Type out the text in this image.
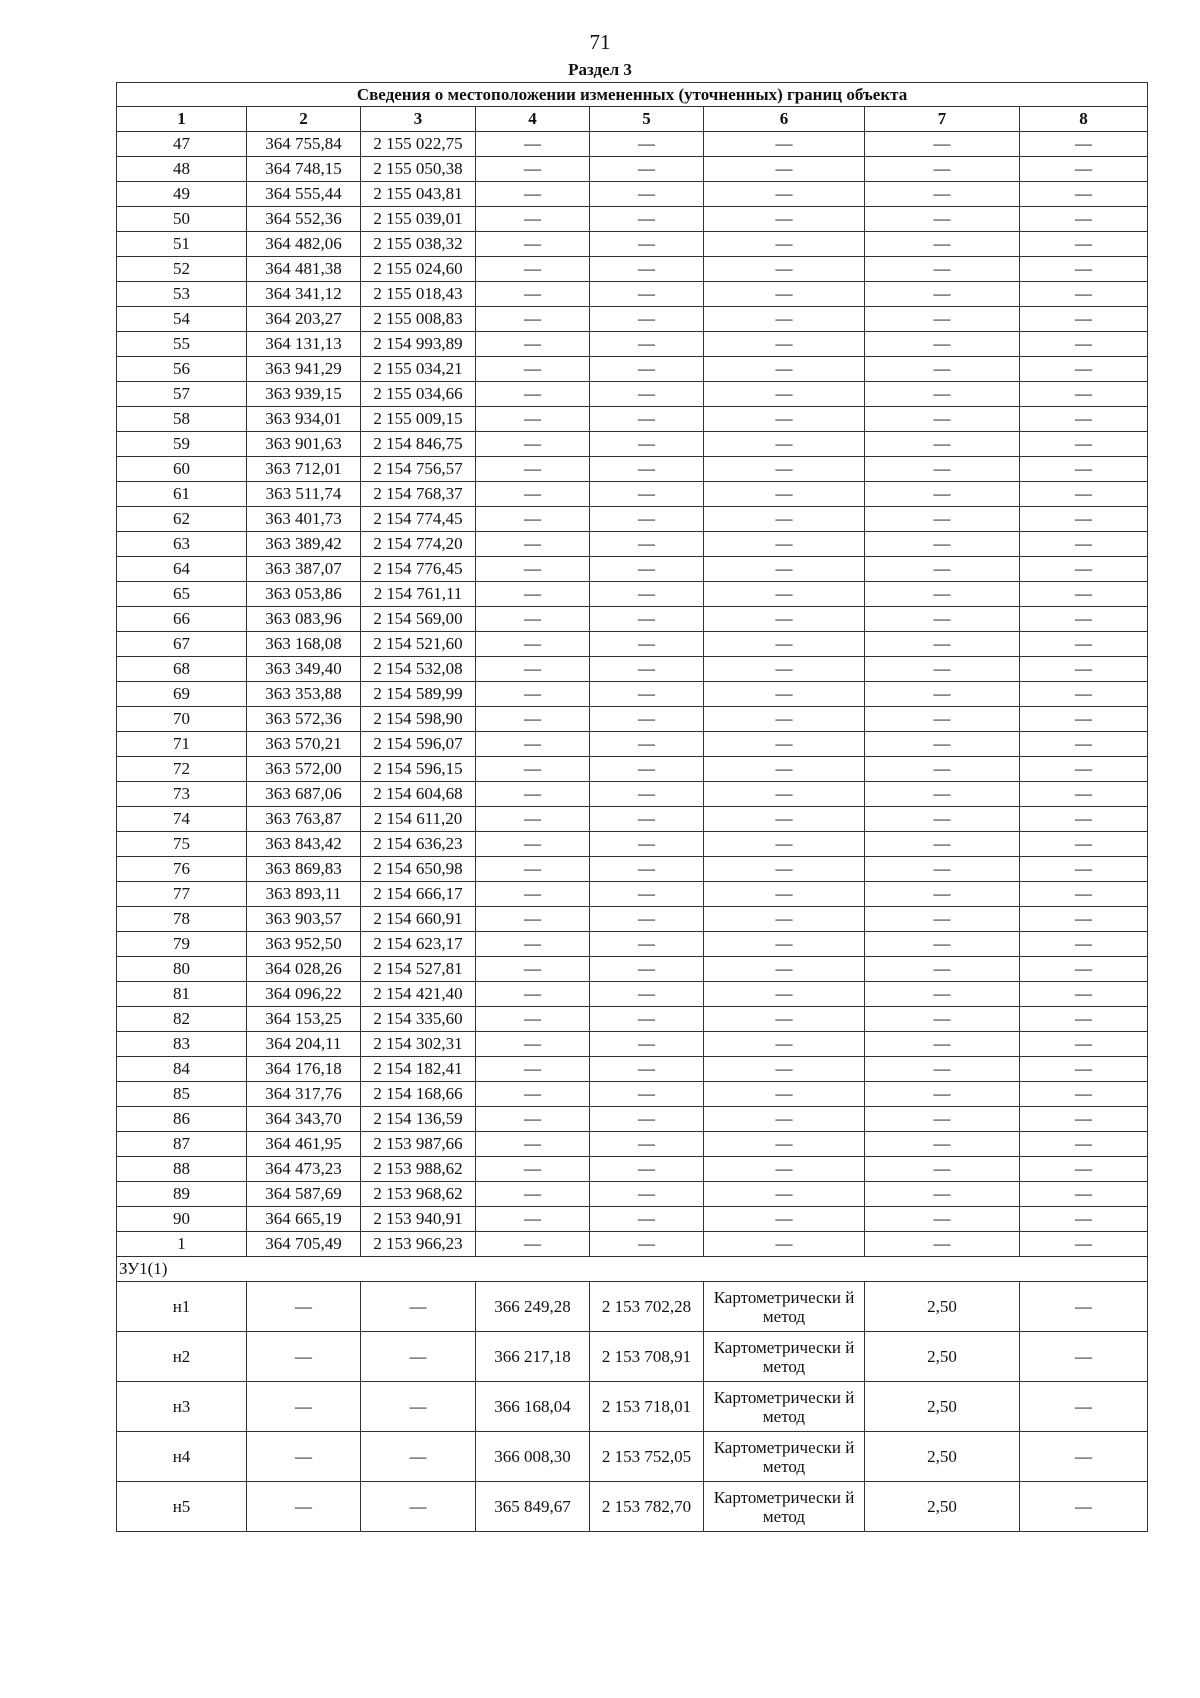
71
Раздел 3
Сведения о местоположении измененных (уточненных) границ объекта							
1	2	3	4	5	6	7	8
47	364 755,84	2 155 022,75	—	—	—	—	—
48	364 748,15	2 155 050,38	—	—	—	—	—
49	364 555,44	2 155 043,81	—	—	—	—	—
50	364 552,36	2 155 039,01	—	—	—	—	—
51	364 482,06	2 155 038,32	—	—	—	—	—
52	364 481,38	2 155 024,60	—	—	—	—	—
53	364 341,12	2 155 018,43	—	—	—	—	—
54	364 203,27	2 155 008,83	—	—	—	—	—
55	364 131,13	2 154 993,89	—	—	—	—	—
56	363 941,29	2 155 034,21	—	—	—	—	—
57	363 939,15	2 155 034,66	—	—	—	—	—
58	363 934,01	2 155 009,15	—	—	—	—	—
59	363 901,63	2 154 846,75	—	—	—	—	—
60	363 712,01	2 154 756,57	—	—	—	—	—
61	363 511,74	2 154 768,37	—	—	—	—	—
62	363 401,73	2 154 774,45	—	—	—	—	—
63	363 389,42	2 154 774,20	—	—	—	—	—
64	363 387,07	2 154 776,45	—	—	—	—	—
65	363 053,86	2 154 761,11	—	—	—	—	—
66	363 083,96	2 154 569,00	—	—	—	—	—
67	363 168,08	2 154 521,60	—	—	—	—	—
68	363 349,40	2 154 532,08	—	—	—	—	—
69	363 353,88	2 154 589,99	—	—	—	—	—
70	363 572,36	2 154 598,90	—	—	—	—	—
71	363 570,21	2 154 596,07	—	—	—	—	—
72	363 572,00	2 154 596,15	—	—	—	—	—
73	363 687,06	2 154 604,68	—	—	—	—	—
74	363 763,87	2 154 611,20	—	—	—	—	—
75	363 843,42	2 154 636,23	—	—	—	—	—
76	363 869,83	2 154 650,98	—	—	—	—	—
77	363 893,11	2 154 666,17	—	—	—	—	—
78	363 903,57	2 154 660,91	—	—	—	—	—
79	363 952,50	2 154 623,17	—	—	—	—	—
80	364 028,26	2 154 527,81	—	—	—	—	—
81	364 096,22	2 154 421,40	—	—	—	—	—
82	364 153,25	2 154 335,60	—	—	—	—	—
83	364 204,11	2 154 302,31	—	—	—	—	—
84	364 176,18	2 154 182,41	—	—	—	—	—
85	364 317,76	2 154 168,66	—	—	—	—	—
86	364 343,70	2 154 136,59	—	—	—	—	—
87	364 461,95	2 153 987,66	—	—	—	—	—
88	364 473,23	2 153 988,62	—	—	—	—	—
89	364 587,69	2 153 968,62	—	—	—	—	—
90	364 665,19	2 153 940,91	—	—	—	—	—
1	364 705,49	2 153 966,23	—	—	—	—	—
ЗУ1(1)							
н1	—	—	366 249,28	2 153 702,28	Картометрически й метод	2,50	—
н2	—	—	366 217,18	2 153 708,91	Картометрически й метод	2,50	—
н3	—	—	366 168,04	2 153 718,01	Картометрически й метод	2,50	—
н4	—	—	366 008,30	2 153 752,05	Картометрически й метод	2,50	—
н5	—	—	365 849,67	2 153 782,70	Картометрически й метод	2,50	—
